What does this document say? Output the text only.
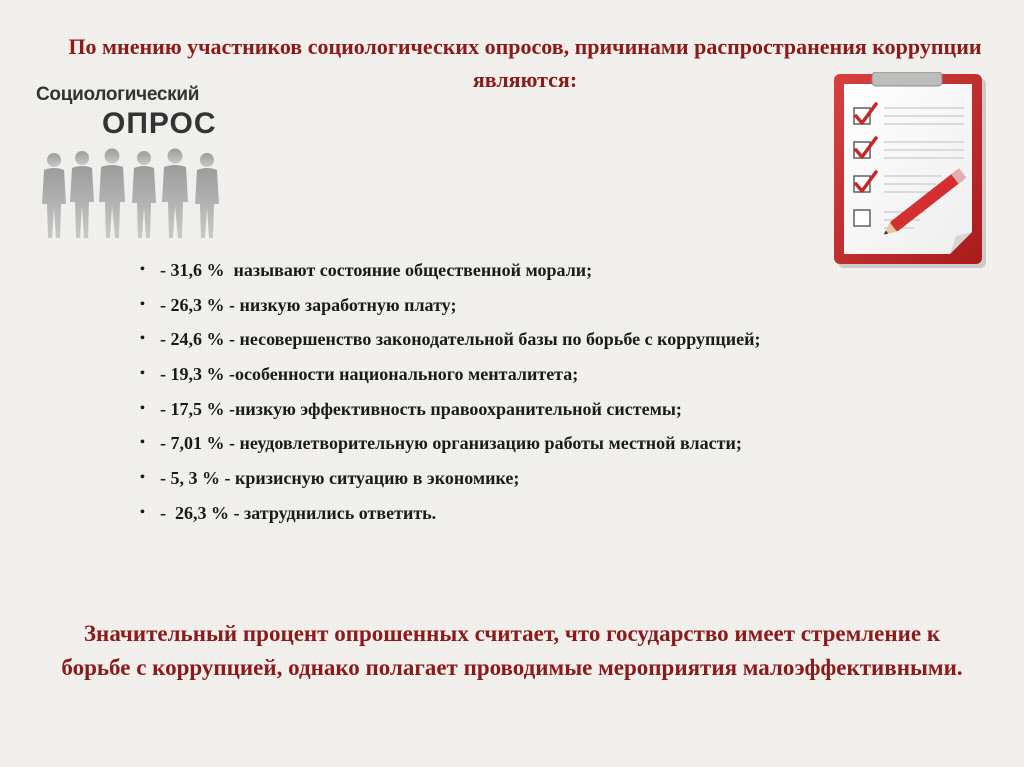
По мнению участников социологических опросов, причинами распространения коррупции являются:
Социологический
ОПРОС
• - 31,6 %  называют состояние общественной морали;
• - 26,3 % - низкую заработную плату;
• - 24,6 % - несовершенство законодательной базы по борьбе с коррупцией;
• - 19,3 % -особенности национального менталитета;
• - 17,5 % -низкую эффективность правоохранительной системы;
• - 7,01 % - неудовлетворительную организацию работы местной власти;
• - 5, 3 % - кризисную ситуацию в экономике;
• -  26,3 % - затруднились ответить.
Значительный процент опрошенных считает, что государство имеет стремление к борьбе с коррупцией, однако полагает проводимые мероприятия малоэффективными.
